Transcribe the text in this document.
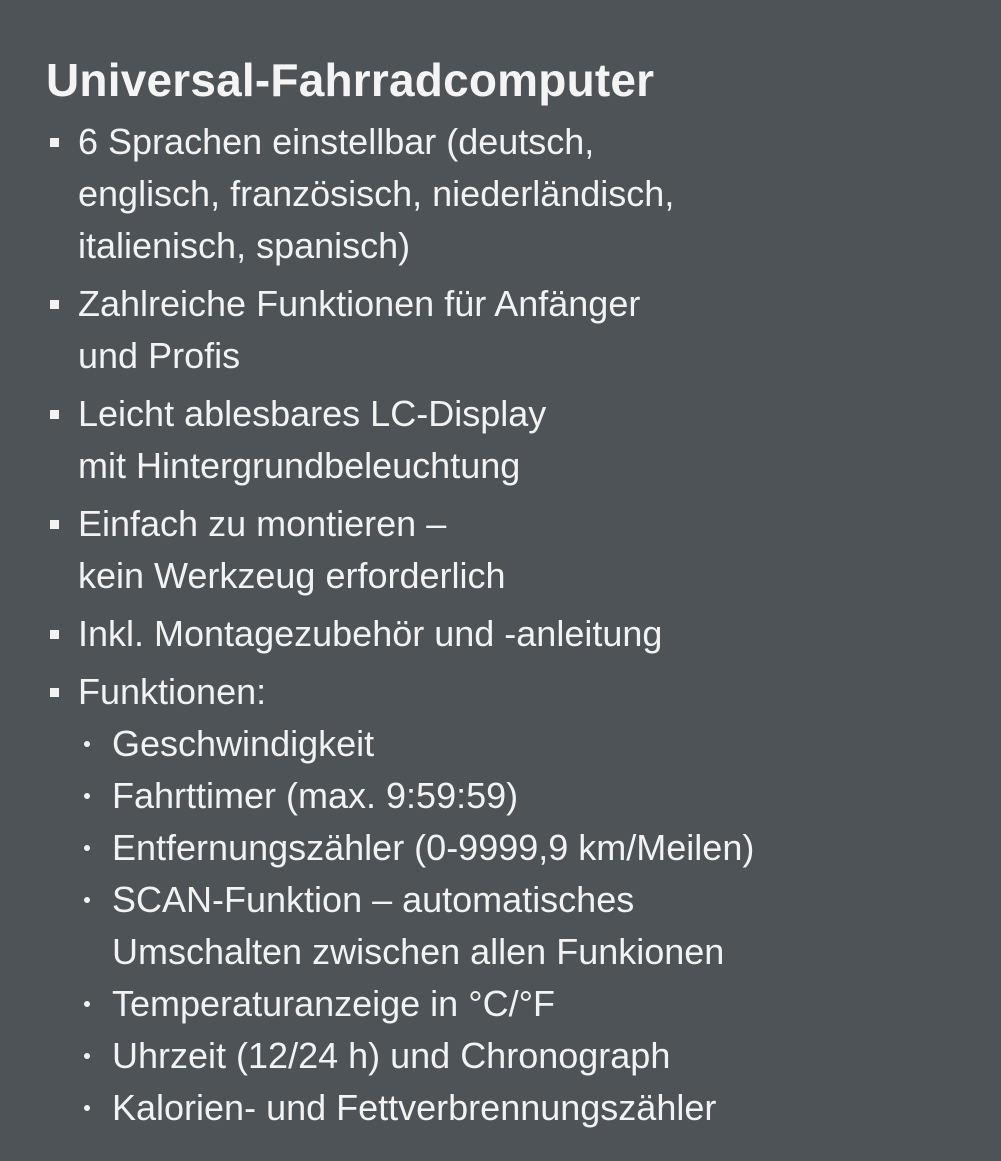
Universal-Fahrradcomputer
6 Sprachen einstellbar (deutsch,
englisch, französisch, niederländisch,
italienisch, spanisch)
Zahlreiche Funktionen für Anfänger
und Profis
Leicht ablesbares LC-Display
mit Hintergrundbeleuchtung
Einfach zu montieren –
kein Werkzeug erforderlich
Inkl. Montagezubehör und -anleitung
Funktionen:
Geschwindigkeit
Fahrttimer (max. 9:59:59)
Entfernungszähler (0-9999,9 km/Meilen)
SCAN-Funktion – automatisches
Umschalten zwischen allen Funkionen
Temperaturanzeige in °C/°F
Uhrzeit (12/24 h) und Chronograph
Kalorien- und Fettverbrennungszähler
